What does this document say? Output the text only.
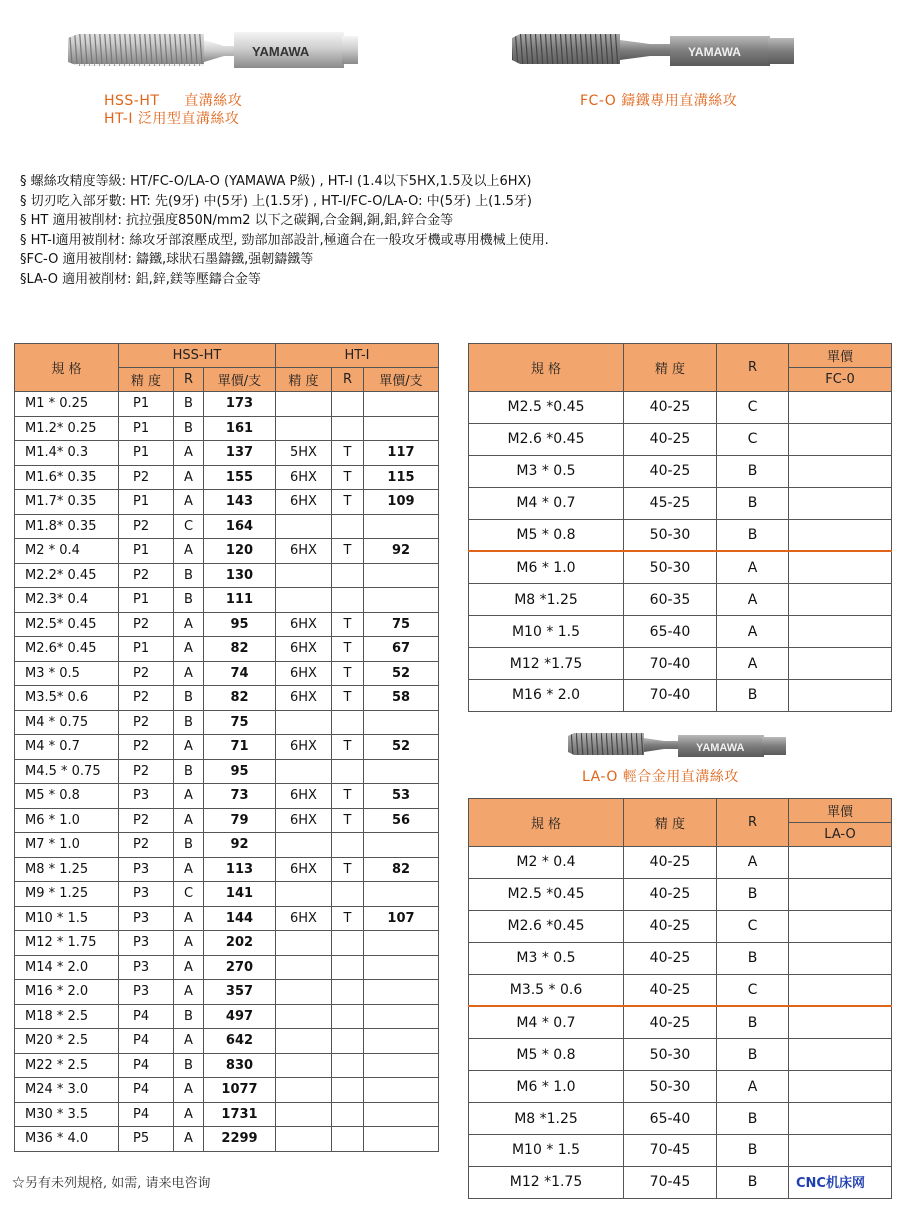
YAMAWA
HSS-HT 直溝絲攻
HT-I 泛用型直溝絲攻
YAMAWA
FC-O 鑄鐵專用直溝絲攻
§ 螺絲攻精度等級: HT/FC-O/LA-O (YAMAWA P級) , HT-I (1.4以下5HX,1.5及以上6HX)
§ 切刃吃入部牙數: HT: 先(9牙) 中(5牙) 上(1.5牙) , HT-I/FC-O/LA-O: 中(5牙) 上(1.5牙)
§ HT 適用被削材: 抗拉强度850N/mm2 以下之碳鋼,合金鋼,銅,鋁,鋅合金等
§ HT-I適用被削材: 絲攻牙部滾壓成型, 勁部加部設計,極適合在一般攻牙機或專用機械上使用.
§FC-O 適用被削材: 鑄鐵,球狀石墨鑄鐵,强韌鑄鐵等
§LA-O 適用被削材: 鋁,鋅,鎂等壓鑄合金等
規 格	HSS-HT			HT-I		
	精 度	R	單價/支	精 度	R	單價/支
M1 * 0.25	P1	B	173			
M1.2* 0.25	P1	B	161			
M1.4* 0.3	P1	A	137	5HX	T	117
M1.6* 0.35	P2	A	155	6HX	T	115
M1.7* 0.35	P1	A	143	6HX	T	109
M1.8* 0.35	P2	C	164			
M2 * 0.4	P1	A	120	6HX	T	92
M2.2* 0.45	P2	B	130			
M2.3* 0.4	P1	B	111			
M2.5* 0.45	P2	A	95	6HX	T	75
M2.6* 0.45	P1	A	82	6HX	T	67
M3 * 0.5	P2	A	74	6HX	T	52
M3.5* 0.6	P2	B	82	6HX	T	58
M4 * 0.75	P2	B	75			
M4 * 0.7	P2	A	71	6HX	T	52
M4.5 * 0.75	P2	B	95			
M5 * 0.8	P3	A	73	6HX	T	53
M6 * 1.0	P2	A	79	6HX	T	56
M7 * 1.0	P2	B	92			
M8 * 1.25	P3	A	113	6HX	T	82
M9 * 1.25	P3	C	141			
M10 * 1.5	P3	A	144	6HX	T	107
M12 * 1.75	P3	A	202			
M14 * 2.0	P3	A	270			
M16 * 2.0	P3	A	357			
M18 * 2.5	P4	B	497			
M20 * 2.5	P4	A	642			
M22 * 2.5	P4	B	830			
M24 * 3.0	P4	A	1077			
M30 * 3.5	P4	A	1731			
M36 * 4.0	P5	A	2299			
規 格	精 度	R	單價
			FC-0
M2.5 *0.45	40-25	C	
M2.6 *0.45	40-25	C	
M3 * 0.5	40-25	B	
M4 * 0.7	45-25	B	
M5 * 0.8	50-30	B	
M6 * 1.0	50-30	A	
M8 *1.25	60-35	A	
M10 * 1.5	65-40	A	
M12 *1.75	70-40	A	
M16 * 2.0	70-40	B	
YAMAWA
LA-O 輕合金用直溝絲攻
規 格	精 度	R	單價
			LA-O
M2 * 0.4	40-25	A	
M2.5 *0.45	40-25	B	
M2.6 *0.45	40-25	C	
M3 * 0.5	40-25	B	
M3.5 * 0.6	40-25	C	
M4 * 0.7	40-25	B	
M5 * 0.8	50-30	B	
M6 * 1.0	50-30	A	
M8 *1.25	65-40	B	
M10 * 1.5	70-45	B	
M12 *1.75	70-45	B	
☆另有未列規格, 如需, 请来电咨询	CNC机床网
